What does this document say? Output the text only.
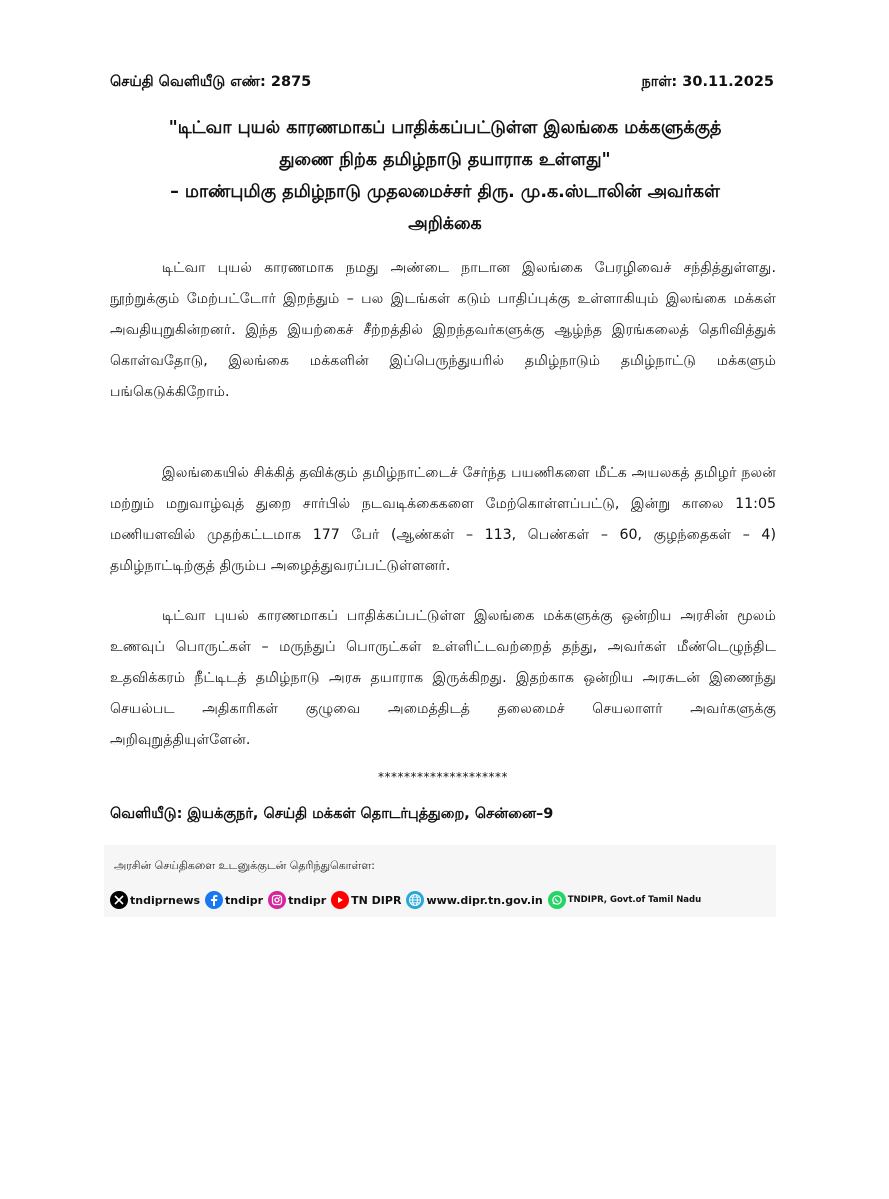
செய்தி வெளியீடு எண்: 2875	நாள்: 30.11.2025
"டிட்வா புயல் காரணமாகப் பாதிக்கப்பட்டுள்ள இலங்கை மக்களுக்குத்
துணை நிற்க தமிழ்நாடு தயாராக உள்ளது"
– மாண்புமிகு தமிழ்நாடு முதலமைச்சர் திரு. மு.க.ஸ்டாலின் அவர்கள்
அறிக்கை

டிட்வா புயல் காரணமாக நமது அண்டை நாடான இலங்கை பேரழிவைச் சந்தித்துள்ளது. நூற்றுக்கும் மேற்பட்டோர் இறந்தும் – பல இடங்கள் கடும் பாதிப்புக்கு உள்ளாகியும் இலங்கை மக்கள் அவதியுறுகின்றனர். இந்த இயற்கைச் சீற்றத்தில் இறந்தவர்களுக்கு ஆழ்ந்த இரங்கலைத் தெரிவித்துக் கொள்வதோடு, இலங்கை மக்களின் இப்பெருந்துயரில் தமிழ்நாடும் தமிழ்நாட்டு மக்களும் பங்கெடுக்கிறோம்.

இலங்கையில் சிக்கித் தவிக்கும் தமிழ்நாட்டைச் சேர்ந்த பயணிகளை மீட்க அயலகத் தமிழர் நலன் மற்றும் மறுவாழ்வுத் துறை சார்பில் நடவடிக்கைகளை மேற்கொள்ளப்பட்டு, இன்று காலை 11:05 மணியளவில் முதற்கட்டமாக 177 பேர் (ஆண்கள் – 113, பெண்கள் – 60, குழந்தைகள் – 4) தமிழ்நாட்டிற்குத் திரும்ப அழைத்துவரப்பட்டுள்ளனர்.

டிட்வா புயல் காரணமாகப் பாதிக்கப்பட்டுள்ள இலங்கை மக்களுக்கு ஒன்றிய அரசின் மூலம் உணவுப் பொருட்கள் – மருந்துப் பொருட்கள் உள்ளிட்டவற்றைத் தந்து, அவர்கள் மீண்டெழுந்திட உதவிக்கரம் நீட்டிடத் தமிழ்நாடு அரசு தயாராக இருக்கிறது. இதற்காக ஒன்றிய அரசுடன் இணைந்து செயல்பட அதிகாரிகள் குழுவை அமைத்திடத் தலைமைச் செயலாளர் அவர்களுக்கு அறிவுறுத்தியுள்ளேன்.

********************
வெளியீடு: இயக்குநர், செய்தி மக்கள் தொடர்புத்துறை, சென்னை–9
அரசின் செய்திகளை உடனுக்குடன் தெரிந்துகொள்ள:
tndiprnews tndipr tndipr TN DIPR www.dipr.tn.gov.in	TNDIPR, Govt.of Tamil Nadu
